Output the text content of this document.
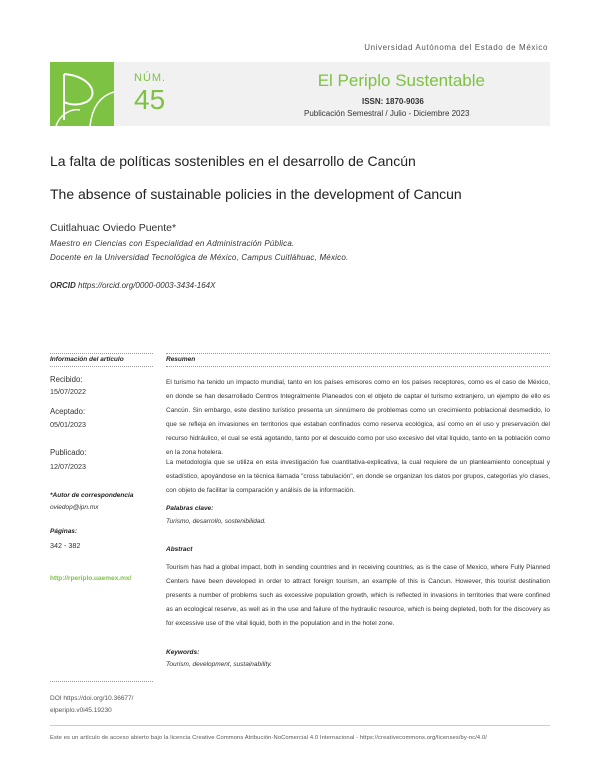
Universidad Autónoma del Estado de México
NÚM.
45
El Periplo Sustentable
ISSN: 1870-9036
Publicación Semestral / Julio - Diciembre 2023
La falta de políticas sostenibles en el desarrollo de Cancún
The absence of sustainable policies in the development of Cancun
Cuitlahuac Oviedo Puente*
Maestro en Ciencias con Especialidad en Administración Pública.
Docente en la Universidad Tecnológica de México, Campus Cuitláhuac, México.
ORCID https://orcid.org/0000-0003-3434-164X
Información del artículo
Recibido:
15/07/2022
Aceptado:
05/01/2023
Publicado:
12/07/2023
*Autor de correspondencia
oviedop@ipn.mx
Páginas:
342 - 382
http://rperiplo.uaemex.mx/
DOI https://doi.org/10.36677/
elperiplo.v0i45.19230
Resumen
El turismo ha tenido un impacto mundial, tanto en los países emisores como en los países receptores, como es el caso de México, en donde se han desarrollado Centros Integralmente Planeados con el objeto de captar el turismo extranjero, un ejemplo de ello es Cancún. Sin embargo, este destino turístico presenta un sinnúmero de problemas como un crecimiento poblacional desmedido, lo que se refleja en invasiones en territorios que estaban confinados como reserva ecológica, así como en el uso y preservación del recurso hidráulico, el cual se está agotando, tanto por el descuido como por uso excesivo del vital líquido, tanto en la población como en la zona hotelera.
La metodología que se utiliza en esta investigación fue cuantitativa-explicativa, la cual requiere de un planteamiento conceptual y estadístico, apoyándose en la técnica llamada "cross tabulación", en donde se organizan los datos por grupos, categorías y/o clases, con objeto de facilitar la comparación y análisis de la información.
Palabras clave:
Turismo, desarrollo, sostenibilidad.
Abstract
Tourism has had a global impact, both in sending countries and in receiving countries, as is the case of Mexico, where Fully Planned Centers have been developed in order to attract foreign tourism, an example of this is Cancun. However, this tourist destination presents a number of problems such as excessive population growth, which is reflected in invasions in territories that were confined as an ecological reserve, as well as in the use and failure of the hydraulic resource, which is being depleted, both for the discovery as for excessive use of the vital liquid, both in the population and in the hotel zone.
Keywords:
Tourism, development, sustainability.
Este es un artículo de acceso abierto bajo la licencia Creative Commons Atribución-NoComercial 4.0 Internacional - https://creativecommons.org/licenses/by-nc/4.0/
